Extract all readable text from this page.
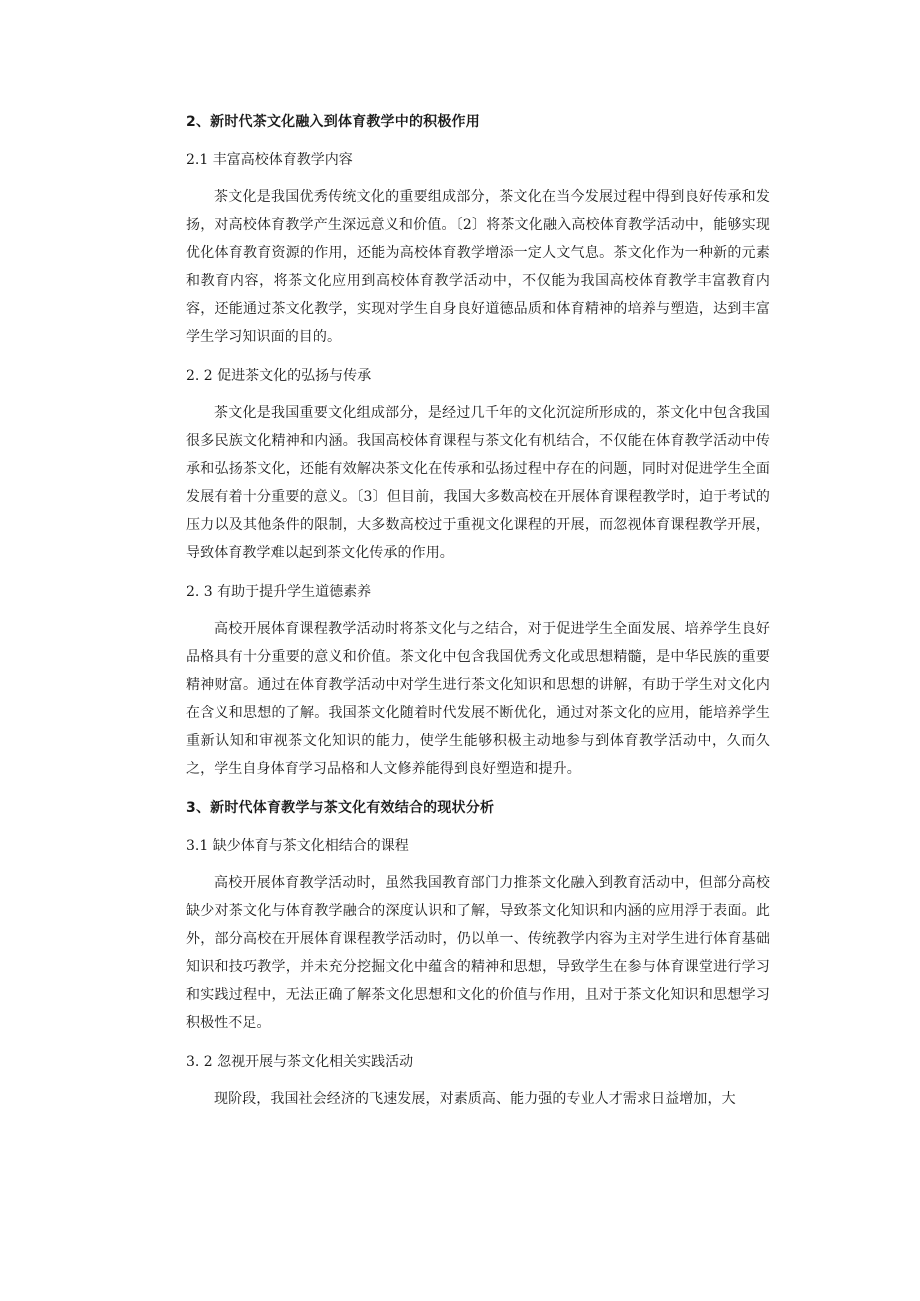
2、新时代茶文化融入到体育教学中的积极作用

2.1 丰富高校体育教学内容

茶文化是我国优秀传统文化的重要组成部分，茶文化在当今发展过程中得到良好传承和发扬，对高校体育教学产生深远意义和价值。〔2〕将茶文化融入高校体育教学活动中，能够实现优化体育教育资源的作用，还能为高校体育教学增添一定人文气息。茶文化作为一种新的元素和教育内容，将茶文化应用到高校体育教学活动中，不仅能为我国高校体育教学丰富教育内容，还能通过茶文化教学，实现对学生自身良好道德品质和体育精神的培养与塑造，达到丰富学生学习知识面的目的。

2. 2 促进茶文化的弘扬与传承

茶文化是我国重要文化组成部分，是经过几千年的文化沉淀所形成的，茶文化中包含我国很多民族文化精神和内涵。我国高校体育课程与茶文化有机结合，不仅能在体育教学活动中传承和弘扬茶文化，还能有效解决茶文化在传承和弘扬过程中存在的问题，同时对促进学生全面发展有着十分重要的意义。〔3〕但目前，我国大多数高校在开展体育课程教学时，迫于考试的压力以及其他条件的限制，大多数高校过于重视文化课程的开展，而忽视体育课程教学开展，导致体育教学难以起到茶文化传承的作用。

2. 3 有助于提升学生道德素养

高校开展体育课程教学活动时将茶文化与之结合，对于促进学生全面发展、培养学生良好品格具有十分重要的意义和价值。茶文化中包含我国优秀文化或思想精髓，是中华民族的重要精神财富。通过在体育教学活动中对学生进行茶文化知识和思想的讲解，有助于学生对文化内在含义和思想的了解。我国茶文化随着时代发展不断优化，通过对茶文化的应用，能培养学生重新认知和审视茶文化知识的能力，使学生能够积极主动地参与到体育教学活动中，久而久之，学生自身体育学习品格和人文修养能得到良好塑造和提升。

3、新时代体育教学与茶文化有效结合的现状分析

3.1 缺少体育与茶文化相结合的课程

高校开展体育教学活动时，虽然我国教育部门力推茶文化融入到教育活动中，但部分高校缺少对茶文化与体育教学融合的深度认识和了解，导致茶文化知识和内涵的应用浮于表面。此外，部分高校在开展体育课程教学活动时，仍以单一、传统教学内容为主对学生进行体育基础知识和技巧教学，并未充分挖掘文化中蕴含的精神和思想，导致学生在参与体育课堂进行学习和实践过程中，无法正确了解茶文化思想和文化的价值与作用，且对于茶文化知识和思想学习积极性不足。

3. 2 忽视开展与茶文化相关实践活动

现阶段，我国社会经济的飞速发展，对素质高、能力强的专业人才需求日益增加，大
